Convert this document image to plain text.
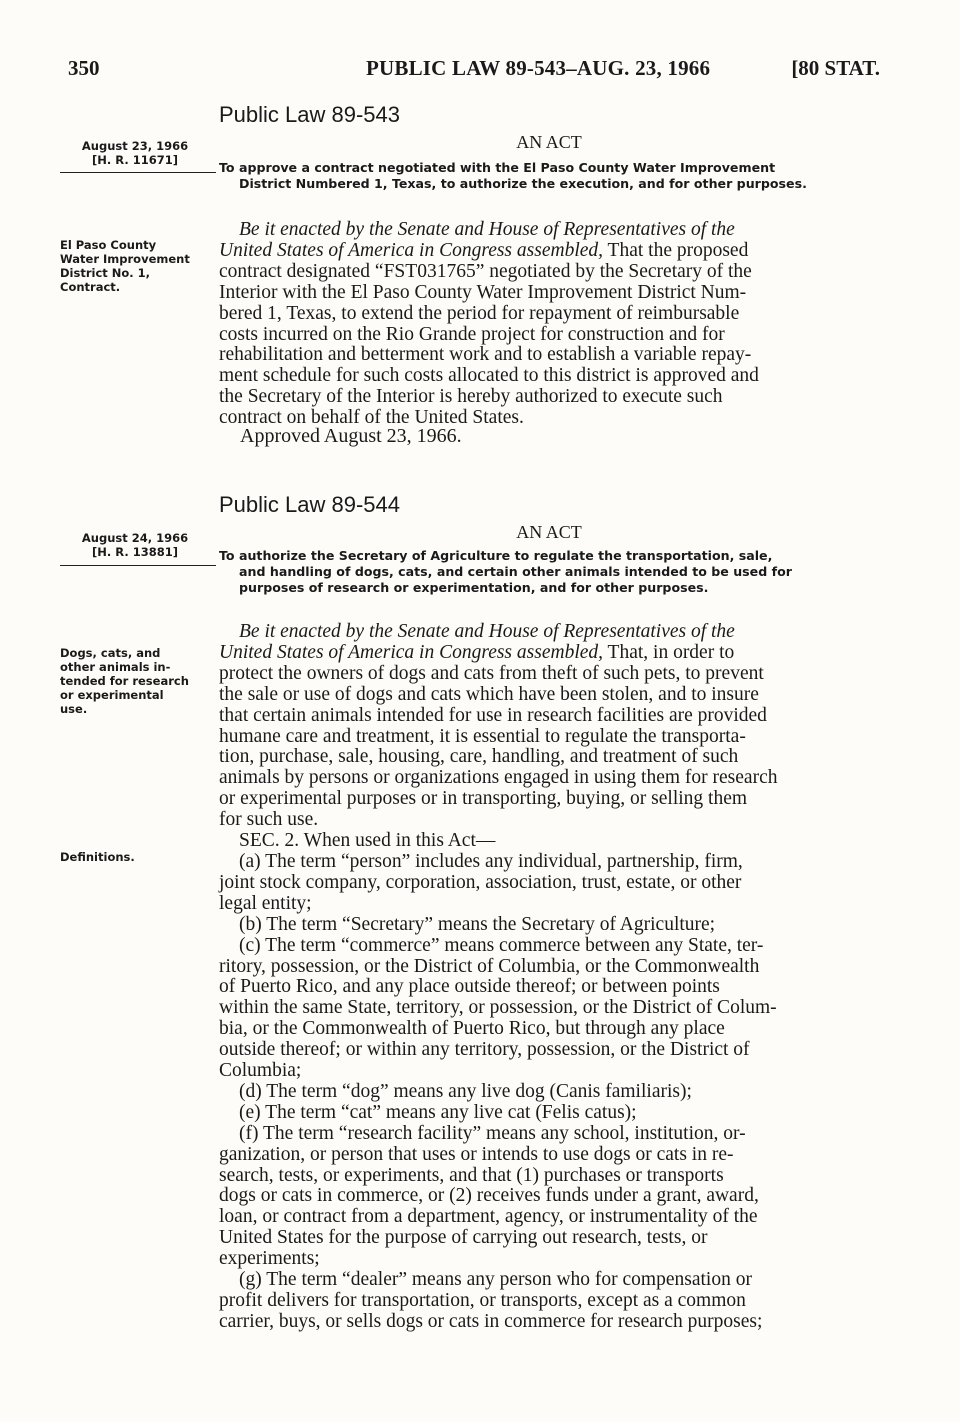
350	PUBLIC LAW 89-543–AUG. 23, 1966	[80 STAT.
Public Law 89-543
August 23, 1966
[H. R. 11671]
AN ACT
To approve a contract negotiated with the El Paso County Water Improvement
District Numbered 1, Texas, to authorize the execution, and for other purposes.
El Paso County
Water Improvement
District No. 1,
Contract.
Be it enacted by the Senate and House of Representatives of the
United States of America in Congress assembled, That the proposed
contract designated “FST031765” negotiated by the Secretary of the
Interior with the El Paso County Water Improvement District Num-
bered 1, Texas, to extend the period for repayment of reimbursable
costs incurred on the Rio Grande project for construction and for
rehabilitation and betterment work and to establish a variable repay-
ment schedule for such costs allocated to this district is approved and
the Secretary of the Interior is hereby authorized to execute such
contract on behalf of the United States.
Approved August 23, 1966.
Public Law 89-544
August 24, 1966
[H. R. 13881]
AN ACT
To authorize the Secretary of Agriculture to regulate the transportation, sale,
and handling of dogs, cats, and certain other animals intended to be used for
purposes of research or experimentation, and for other purposes.
Dogs, cats, and
other animals in-
tended for research
or experimental
use.
Definitions.
Be it enacted by the Senate and House of Representatives of the
United States of America in Congress assembled, That, in order to
protect the owners of dogs and cats from theft of such pets, to prevent
the sale or use of dogs and cats which have been stolen, and to insure
that certain animals intended for use in research facilities are provided
humane care and treatment, it is essential to regulate the transporta-
tion, purchase, sale, housing, care, handling, and treatment of such
animals by persons or organizations engaged in using them for research
or experimental purposes or in transporting, buying, or selling them
for such use.
SEC. 2. When used in this Act—
(a) The term “person” includes any individual, partnership, firm,
joint stock company, corporation, association, trust, estate, or other
legal entity;
(b) The term “Secretary” means the Secretary of Agriculture;
(c) The term “commerce” means commerce between any State, ter-
ritory, possession, or the District of Columbia, or the Commonwealth
of Puerto Rico, and any place outside thereof; or between points
within the same State, territory, or possession, or the District of Colum-
bia, or the Commonwealth of Puerto Rico, but through any place
outside thereof; or within any territory, possession, or the District of
Columbia;
(d) The term “dog” means any live dog (Canis familiaris);
(e) The term “cat” means any live cat (Felis catus);
(f) The term “research facility” means any school, institution, or-
ganization, or person that uses or intends to use dogs or cats in re-
search, tests, or experiments, and that (1) purchases or transports
dogs or cats in commerce, or (2) receives funds under a grant, award,
loan, or contract from a department, agency, or instrumentality of the
United States for the purpose of carrying out research, tests, or
experiments;
(g) The term “dealer” means any person who for compensation or
profit delivers for transportation, or transports, except as a common
carrier, buys, or sells dogs or cats in commerce for research purposes;
